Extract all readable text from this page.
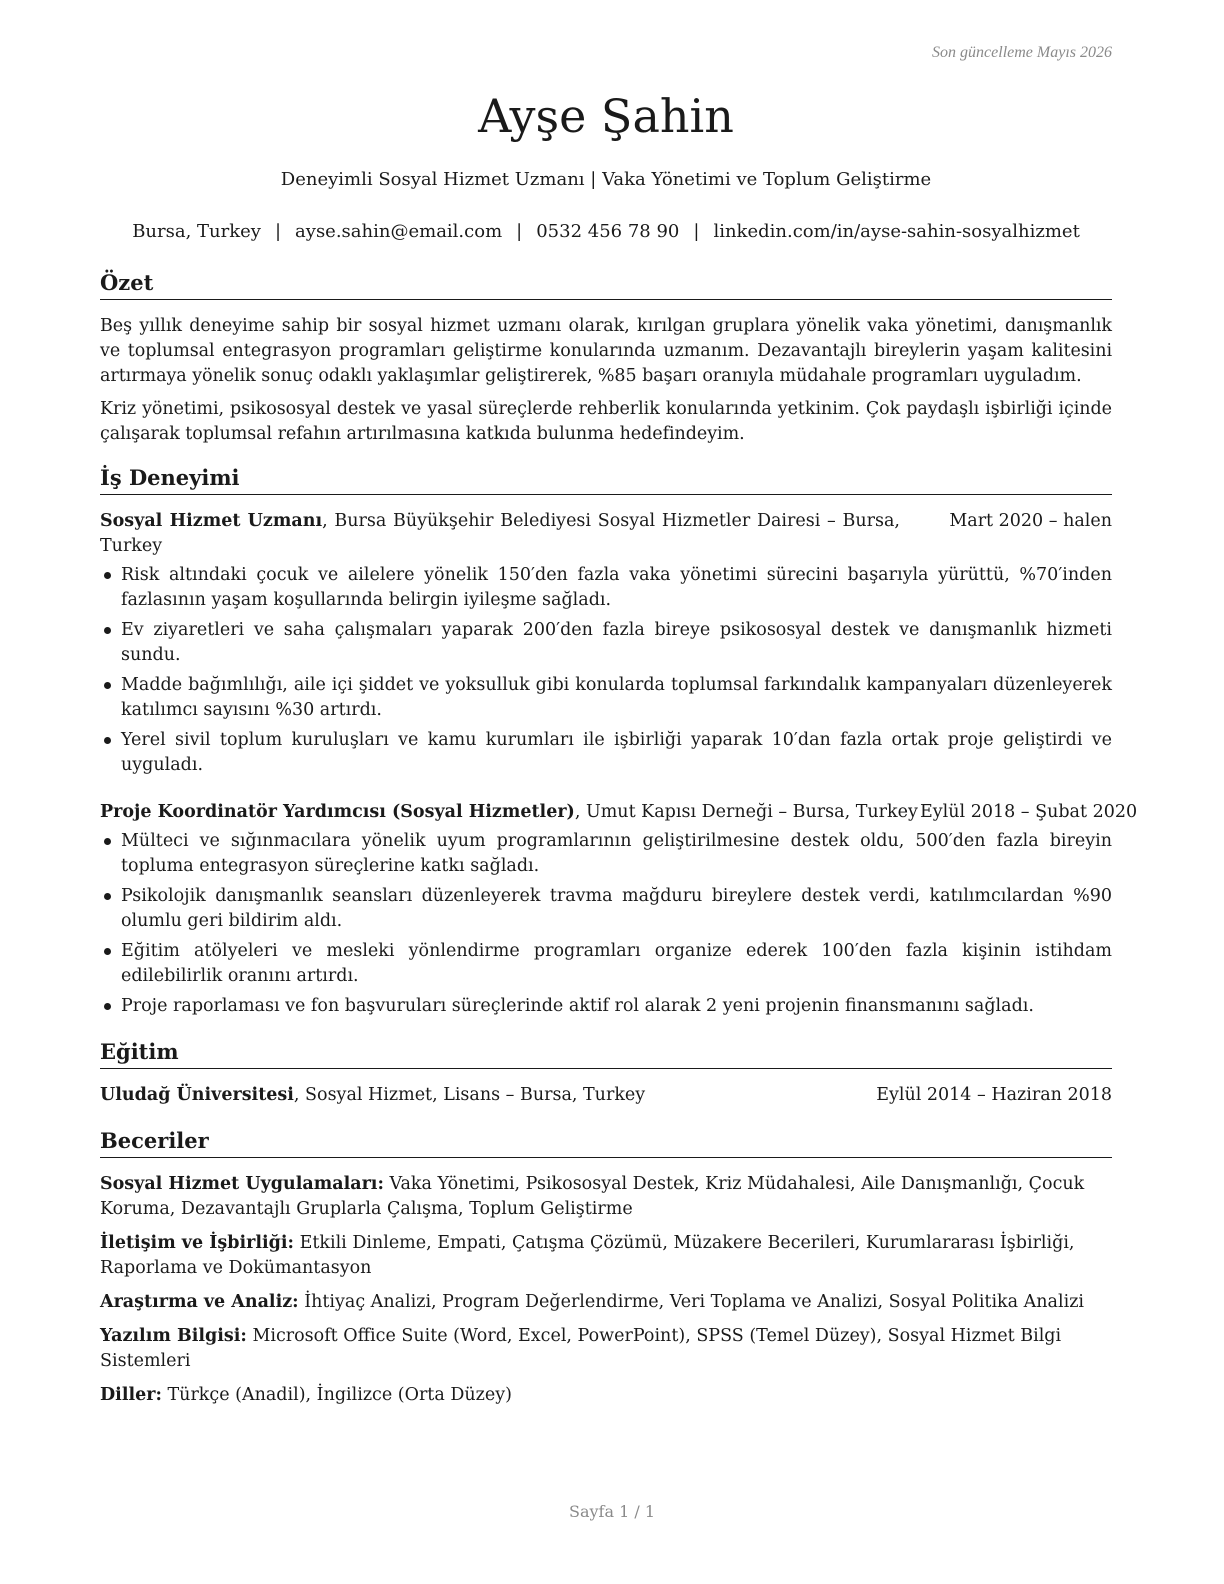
Son güncelleme Mayıs 2026
Ayşe Şahin
Deneyimli Sosyal Hizmet Uzmanı | Vaka Yönetimi ve Toplum Geliştirme
Bursa, Turkey | ayse.sahin@email.com | 0532 456 78 90 | linkedin.com/in/ayse-sahin-sosyalhizmet
Özet

Beş yıllık deneyime sahip bir sosyal hizmet uzmanı olarak, kırılgan gruplara yönelik vaka yönetimi, danışmanlık ve toplumsal entegrasyon programları geliştirme konularında uzmanım. Dezavantajlı bireylerin yaşam kalitesini artırmaya yönelik sonuç odaklı yaklaşımlar geliştirerek, %85 başarı oranıyla müdahale programları uyguladım.

Kriz yönetimi, psikososyal destek ve yasal süreçlerde rehberlik konularında yetkinim. Çok paydaşlı işbirliği içinde çalışarak toplumsal refahın artırılmasına katkıda bulunma hedefindeyim.

İş Deneyimi
Sosyal Hizmet Uzmanı, Bursa Büyükşehir Belediyesi Sosyal Hizmetler Dairesi – Bursa, Turkey
Mart 2020 – halen
Risk altındaki çocuk ve ailelere yönelik 150′den fazla vaka yönetimi sürecini başarıyla yürüttü, %70′inden fazlasının yaşam koşullarında belirgin iyileşme sağladı.
Ev ziyaretleri ve saha çalışmaları yaparak 200′den fazla bireye psikososyal destek ve danışmanlık hizmeti sundu.
Madde bağımlılığı, aile içi şiddet ve yoksulluk gibi konularda toplumsal farkındalık kampanyaları düzenleyerek katılımcı sayısını %30 artırdı.
Yerel sivil toplum kuruluşları ve kamu kurumları ile işbirliği yaparak 10′dan fazla ortak proje geliştirdi ve uyguladı.
Proje Koordinatör Yardımcısı (Sosyal Hizmetler), Umut Kapısı Derneği – Bursa, Turkey Eylül 2018 – Şubat 2020
Mülteci ve sığınmacılara yönelik uyum programlarının geliştirilmesine destek oldu, 500′den fazla bireyin topluma entegrasyon süreçlerine katkı sağladı.
Psikolojik danışmanlık seansları düzenleyerek travma mağduru bireylere destek verdi, katılımcılardan %90 olumlu geri bildirim aldı.
Eğitim atölyeleri ve mesleki yönlendirme programları organize ederek 100′den fazla kişinin istihdam edilebilirlik oranını artırdı.
Proje raporlaması ve fon başvuruları süreçlerinde aktif rol alarak 2 yeni projenin finansmanını sağladı.
Eğitim
Uludağ Üniversitesi, Sosyal Hizmet, Lisans – Bursa, Turkey	Eylül 2014 – Haziran 2018
Beceriler

Sosyal Hizmet Uygulamaları: Vaka Yönetimi, Psikososyal Destek, Kriz Müdahalesi, Aile Danışmanlığı, Çocuk Koruma, Dezavantajlı Gruplarla Çalışma, Toplum Geliştirme

İletişim ve İşbirliği: Etkili Dinleme, Empati, Çatışma Çözümü, Müzakere Becerileri, Kurumlararası İşbirliği, Raporlama ve Dokümantasyon

Araştırma ve Analiz: İhtiyaç Analizi, Program Değerlendirme, Veri Toplama ve Analizi, Sosyal Politika Analizi

Yazılım Bilgisi: Microsoft Office Suite (Word, Excel, PowerPoint), SPSS (Temel Düzey), Sosyal Hizmet Bilgi Sistemleri

Diller: Türkçe (Anadil), İngilizce (Orta Düzey)

Sayfa 1 / 1
